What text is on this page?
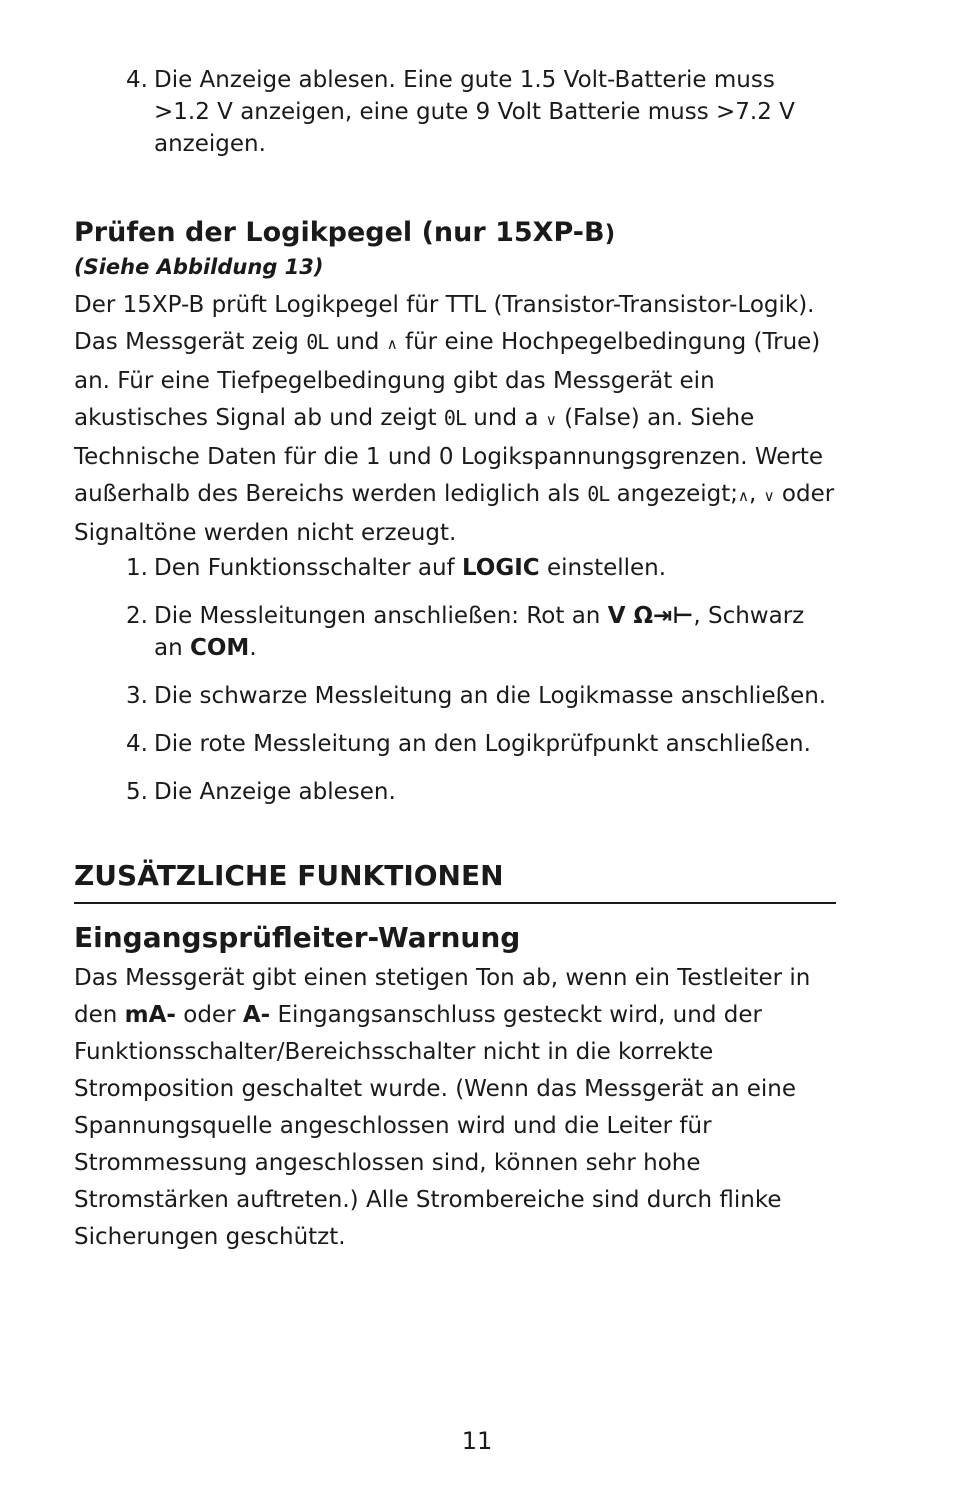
4. Die Anzeige ablesen. Eine gute 1.5 Volt-Batterie muss >1.2 V anzeigen, eine gute 9 Volt Batterie muss >7.2 V anzeigen.
Prüfen der Logikpegel (nur 15XP-B)
(Siehe Abbildung 13)

Der 15XP-B prüft Logikpegel für TTL (Transistor-Transistor-Logik). Das Messgerät zeig 0L und ∧ für eine Hochpegelbedingung (True) an. Für eine Tiefpegelbedingung gibt das Messgerät ein akustisches Signal ab und zeigt 0L und a ∨ (False) an. Siehe Technische Daten für die 1 und 0 Logikspannungsgrenzen. Werte außerhalb des Bereichs werden lediglich als 0L angezeigt;∧, ∨ oder Signaltöne werden nicht erzeugt.

1. Den Funktionsschalter auf LOGIC einstellen.
2. Die Messleitungen anschließen: Rot an V Ω⇥⊢, Schwarz an COM.
3. Die schwarze Messleitung an die Logikmasse anschließen.
4. Die rote Messleitung an den Logikprüfpunkt anschließen.
5. Die Anzeige ablesen.
ZUSÄTZLICHE FUNKTIONEN
Eingangsprüfleiter-Warnung

Das Messgerät gibt einen stetigen Ton ab, wenn ein Testleiter in den mA- oder A- Eingangsanschluss gesteckt wird, und der Funktionsschalter/Bereichsschalter nicht in die korrekte Stromposition geschaltet wurde. (Wenn das Messgerät an eine Spannungsquelle angeschlossen wird und die Leiter für Strommessung angeschlossen sind, können sehr hohe Stromstärken auftreten.) Alle Strombereiche sind durch flinke Sicherungen geschützt.

11
